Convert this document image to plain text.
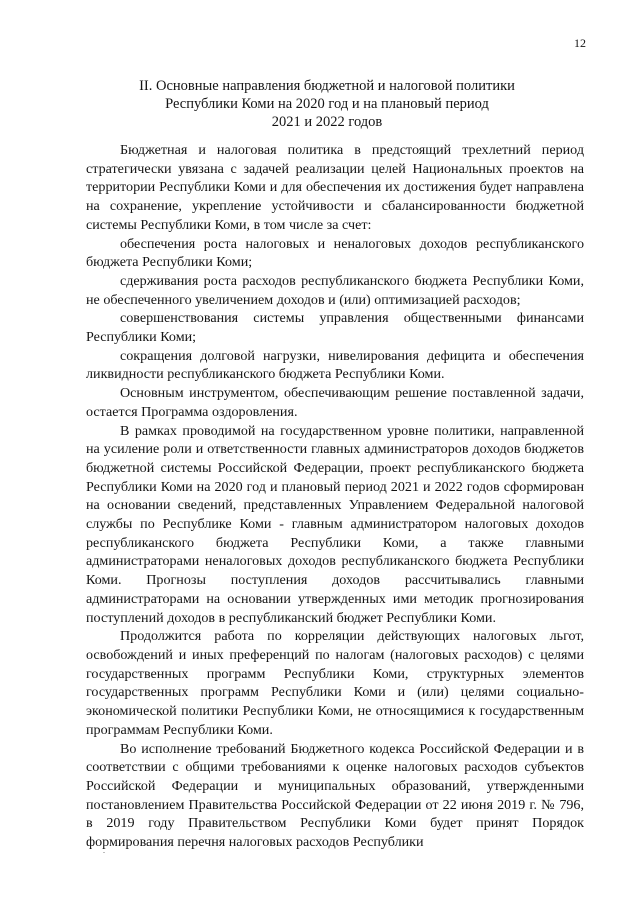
12
II. Основные направления бюджетной и налоговой политики
Республики Коми на 2020 год и на плановый период
2021 и 2022 годов

Бюджетная и налоговая политика в предстоящий трехлетний период стратегически увязана с задачей реализации целей Национальных проектов на территории Республики Коми и для обеспечения их достижения будет направлена на сохранение, укрепление устойчивости и сбалансированности бюджетной системы Республики Коми, в том числе за счет:

обеспечения роста налоговых и неналоговых доходов республиканского бюджета Республики Коми;

сдерживания роста расходов республиканского бюджета Республики Коми, не обеспеченного увеличением доходов и (или) оптимизацией расходов;

совершенствования системы управления общественными финансами Республики Коми;

сокращения долговой нагрузки, нивелирования дефицита и обеспечения ликвидности республиканского бюджета Республики Коми.

Основным инструментом, обеспечивающим решение поставленной задачи, остается Программа оздоровления.

В рамках проводимой на государственном уровне политики, направленной на усиление роли и ответственности главных администраторов доходов бюджетов бюджетной системы Российской Федерации, проект республиканского бюджета Республики Коми на 2020 год и плановый период 2021 и 2022 годов сформирован на основании сведений, представленных Управлением Федеральной налоговой службы по Республике Коми - главным администратором налоговых доходов республиканского бюджета Республики Коми, а также главными администраторами неналоговых доходов республиканского бюджета Республики Коми. Прогнозы поступления доходов рассчитывались главными администраторами на основании утвержденных ими методик прогнозирования поступлений доходов в республиканский бюджет Республики Коми.

Продолжится работа по корреляции действующих налоговых льгот, освобождений и иных преференций по налогам (налоговых расходов) с целями государственных программ Республики Коми, структурных элементов государственных программ Республики Коми и (или) целями социально-экономической политики Республики Коми, не относящимися к государственным программам Республики Коми.

Во исполнение требований Бюджетного кодекса Российской Федерации и в соответствии с общими требованиями к оценке налоговых расходов субъектов Российской Федерации и муниципальных образований, утвержденными постановлением Правительства Российской Федерации от 22 июня 2019 г. № 796, в 2019 году Правительством Республики Коми будет принят Порядок формирования перечня налоговых расходов Республики
